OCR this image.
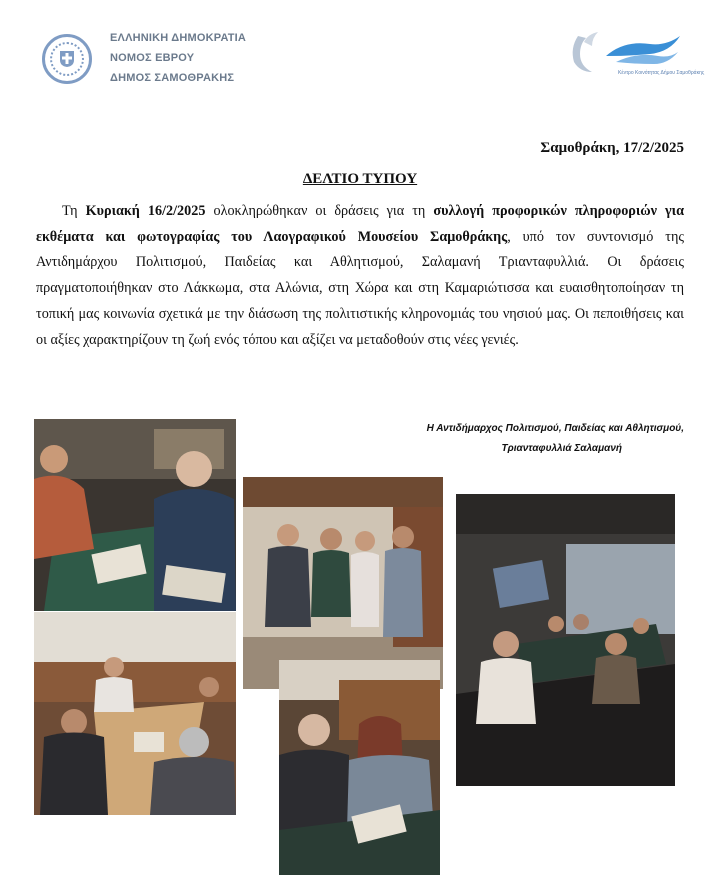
ΕΛΛΗΝΙΚΗ ΔΗΜΟΚΡΑΤΙΑ
ΝΟΜΟΣ ΕΒΡΟΥ
ΔΗΜΟΣ ΣΑΜΟΘΡΑΚΗΣ	Κέντρο Κοινότητας Δήμου Σαμοθράκης
Σαμοθράκη, 17/2/2025
ΔΕΛΤΙΟ ΤΥΠΟΥ

Τη Κυριακή 16/2/2025 ολοκληρώθηκαν οι δράσεις για τη συλλογή προφορικών πληροφοριών για εκθέματα και φωτογραφίας του Λαογραφικού Μουσείου Σαμοθράκης, υπό τον συντονισμό της Αντιδημάρχου Πολιτισμού, Παιδείας και Αθλητισμού, Σαλαμανή Τριανταφυλλιά. Οι δράσεις πραγματοποιήθηκαν στο Λάκκωμα, στα Αλώνια, στη Χώρα και στη Καμαριώτισσα και ευαισθητοποίησαν τη τοπική μας κοινωνία σχετικά με την διάσωση της πολιτιστικής κληρονομιάς του νησιού μας. Οι πεποιθήσεις και οι αξίες χαρακτηρίζουν τη ζωή ενός τόπου και αξίζει να μεταδοθούν στις νέες γενιές.

Η Αντιδήμαρχος Πολιτισμού, Παιδείας και Αθλητισμού,
Τριανταφυλλιά Σαλαμανή
